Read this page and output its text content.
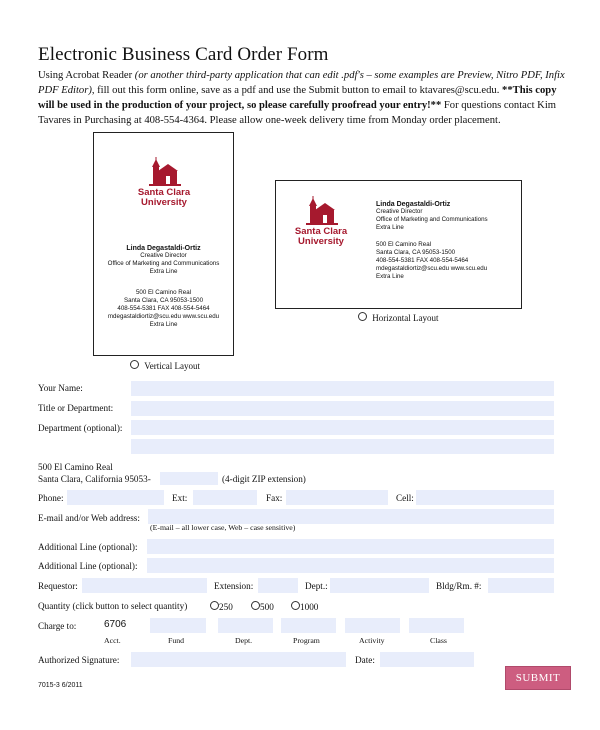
Electronic Business Card Order Form
Using Acrobat Reader (or another third-party application that can edit .pdf's – some examples are Preview, Nitro PDF, Infix PDF Editor), fill out this form online, save as a pdf and use the Submit button to email to ktavares@scu.edu. **This copy will be used in the production of your project, so please carefully proofread your entry!** For questions contact Kim Tavares in Purchasing at 408-554-4364. Please allow one-week delivery time from Monday order placement.
Santa Clara
University
Linda Degastaldi-Ortiz
Creative Director
Office of Marketing and Communications
Extra Line
500 El Camino Real
Santa Clara, CA 95053-1500
408-554-5381 FAX 408-554-5464
mdegastaldiortiz@scu.edu www.scu.edu
Extra Line
Vertical Layout
Santa Clara
University
Linda Degastaldi-Ortiz
Creative Director
Office of Marketing and Communications
Extra Line
500 El Camino Real
Santa Clara, CA 95053-1500
408-554-5381 FAX 408-554-5464
mdegastaldiortiz@scu.edu www.scu.edu
Extra Line
Horizontal Layout
Your Name:
Title or Department:
Department (optional):
500 El Camino Real
Santa Clara, California 95053-	(4-digit ZIP extension)
Phone:	Ext:	Fax:	Cell:
E-mail and/or Web address:
(E-mail – all lower case, Web – case sensitive)
Additional Line (optional):
Additional Line (optional):
Requestor:	Extension:	Dept.:	Bldg/Rm. #:
Quantity (click button to select quantity)	250	500	1000
Charge to:	6706
Acct.	Fund	Dept.	Program	Activity	Class
Authorized Signature:	Date:
SUBMIT
7015-3 6/2011
